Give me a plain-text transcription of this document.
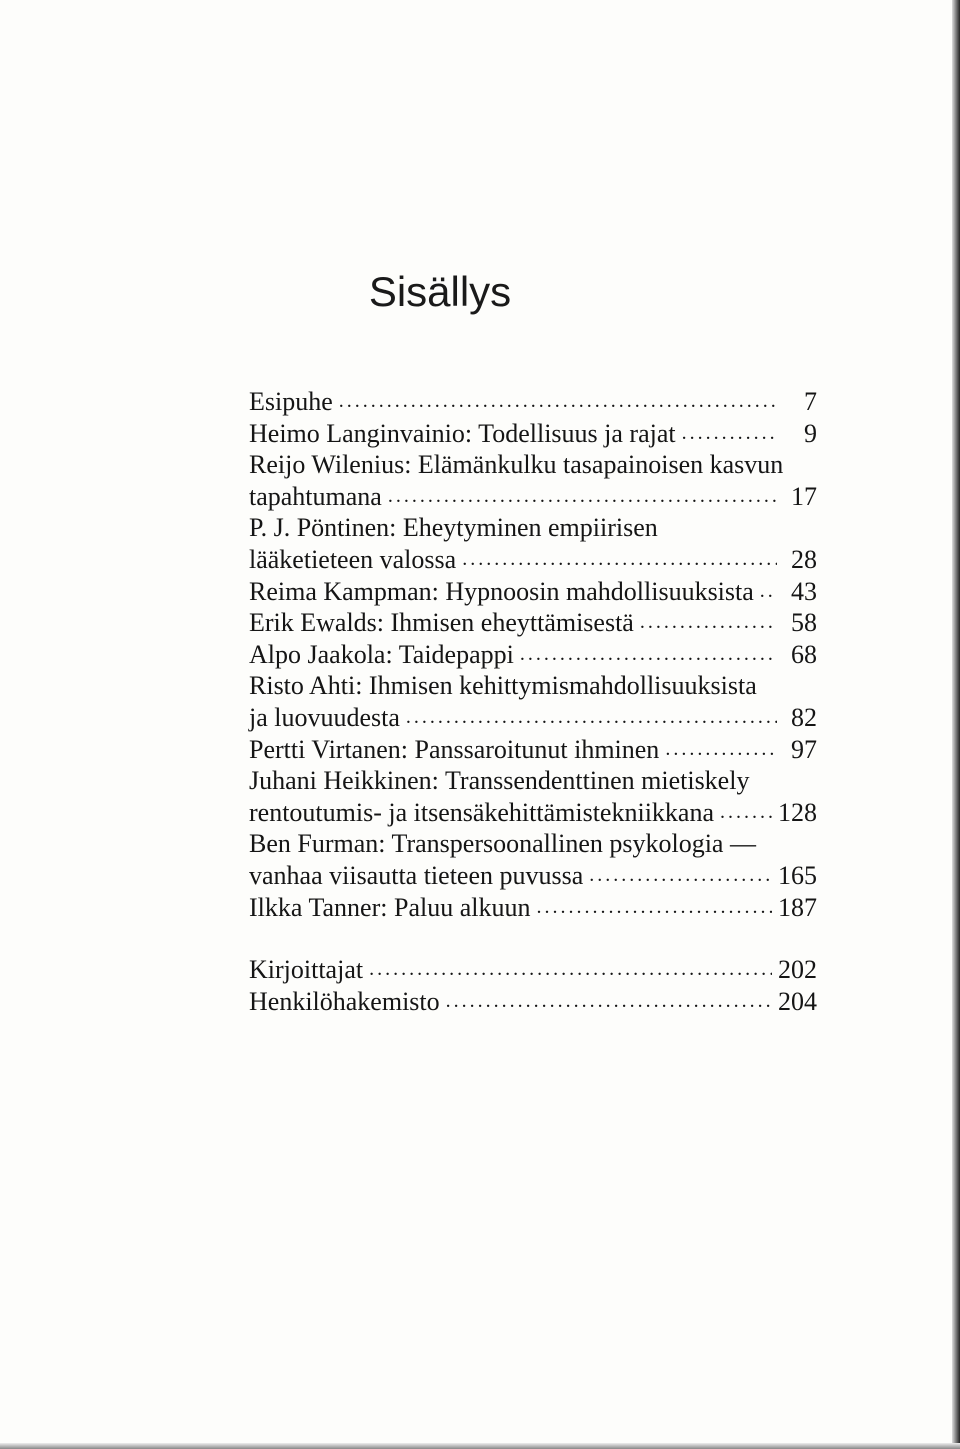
Sisällys
Esipuhe .....	7
Heimo Langinvainio: Todellisuus ja rajat .....	9
Reijo Wilenius: Elämänkulku tasapainoisen kasvun
tapahtumana .....	17
P. J. Pöntinen: Eheytyminen empiirisen
lääketieteen valossa .....	28
Reima Kampman: Hypnoosin mahdollisuuksista .....	43
Erik Ewalds: Ihmisen eheyttämisestä .....	58
Alpo Jaakola: Taidepappi .....	68
Risto Ahti: Ihmisen kehittymismahdollisuuksista
ja luovuudesta .....	82
Pertti Virtanen: Panssaroitunut ihminen .....	97
Juhani Heikkinen: Transsendenttinen mietiskely
rentoutumis- ja itsensäkehittämistekniikkana ..... 128
Ben Furman: Transpersoonallinen psykologia —
vanhaa viisautta tieteen puvussa .....	165
Ilkka Tanner: Paluu alkuun .....	187
Kirjoittajat .....	202
Henkilöhakemisto .....	204
